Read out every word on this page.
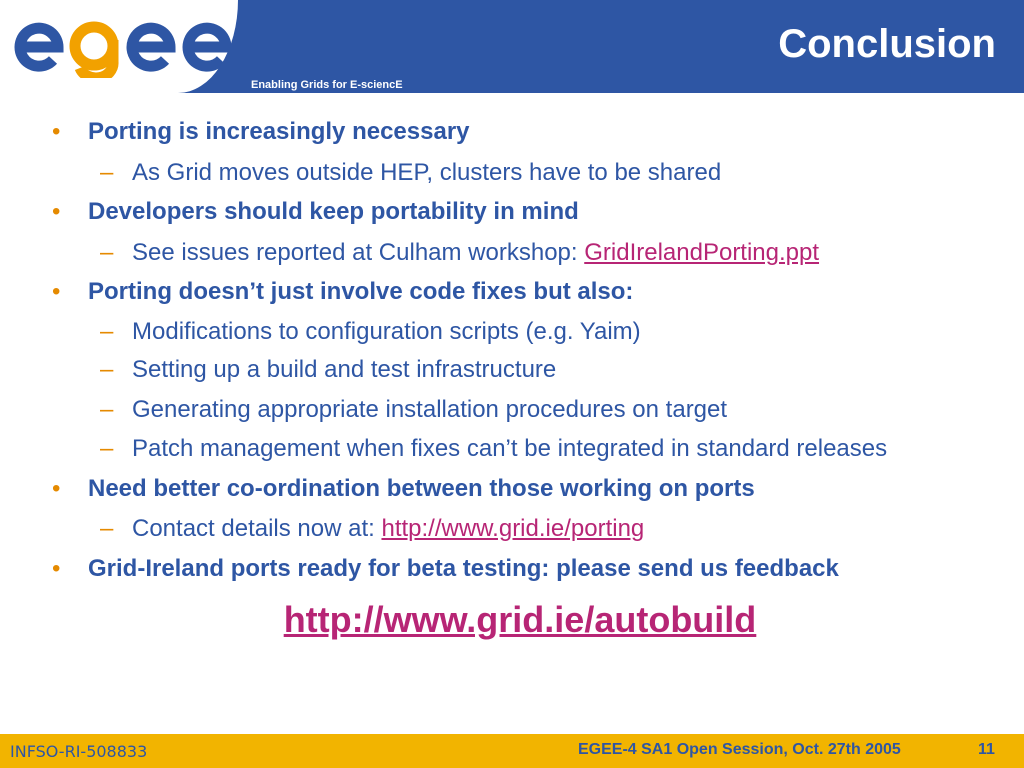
Enabling Grids for E-sciencE
Conclusion
• Porting is increasingly necessary
– As Grid moves outside HEP, clusters have to be shared
• Developers should keep portability in mind
– See issues reported at Culham workshop: GridIrelandPorting.ppt
• Porting doesn’t just involve code fixes but also:
– Modifications to configuration scripts (e.g. Yaim)
– Setting up a build and test infrastructure
– Generating appropriate installation procedures on target
– Patch management when fixes can’t be integrated in standard releases
• Need better co-ordination between those working on ports
– Contact details now at: http://www.grid.ie/porting
• Grid-Ireland ports ready for beta testing: please send us feedback
http://www.grid.ie/autobuild
INFSO-RI-508833	EGEE-4 SA1 Open Session, Oct. 27th 2005	11
